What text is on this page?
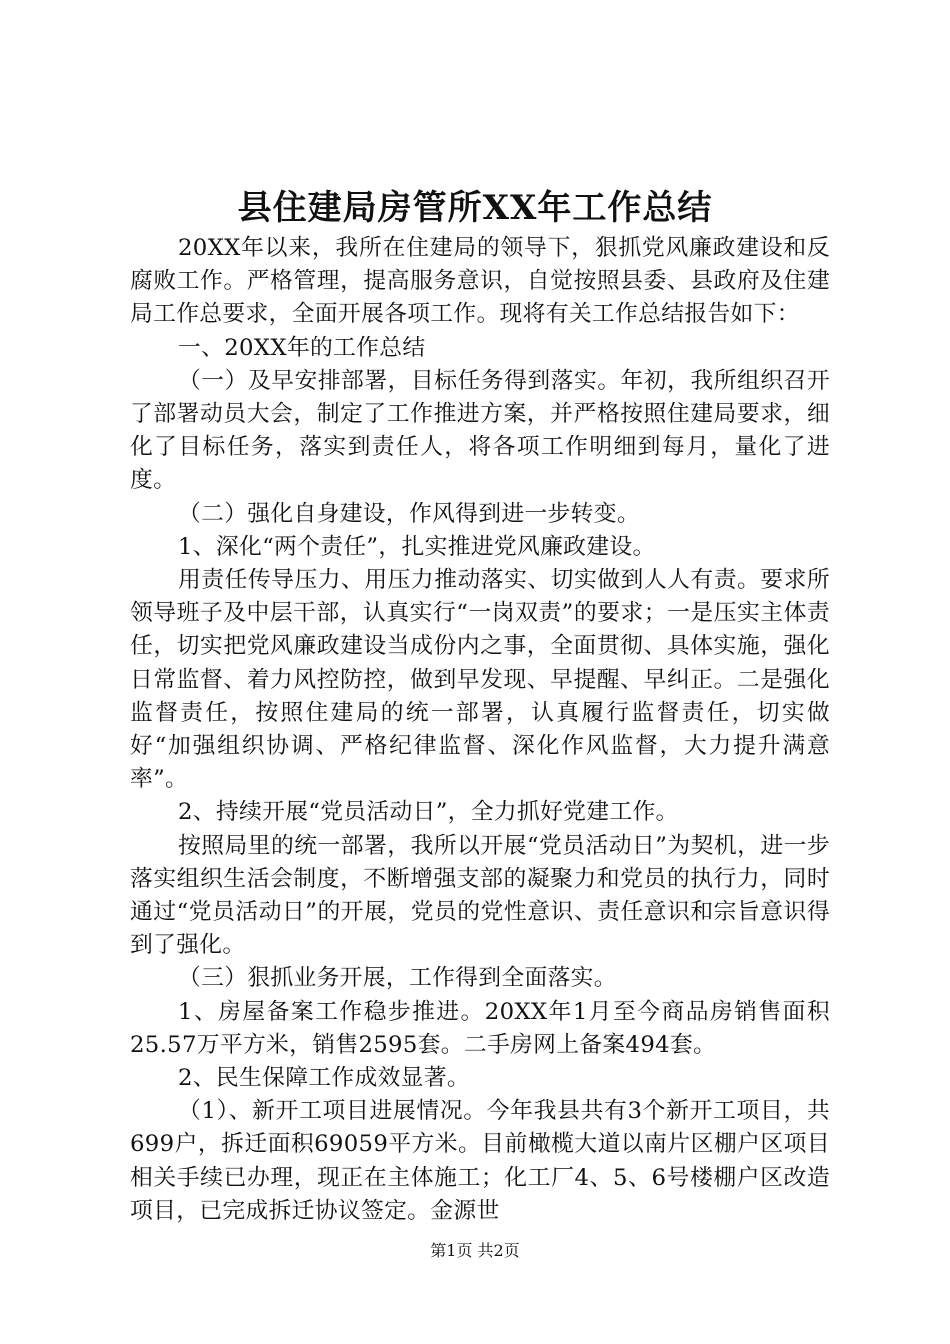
县住建局房管所XX年工作总结

20XX年以来，我所在住建局的领导下，狠抓党风廉政建设和反腐败工作。严格管理，提高服务意识，自觉按照县委、县政府及住建局工作总要求，全面开展各项工作。现将有关工作总结报告如下：

一、20XX年的工作总结

（一）及早安排部署，目标任务得到落实。年初，我所组织召开了部署动员大会，制定了工作推进方案，并严格按照住建局要求，细化了目标任务，落实到责任人，将各项工作明细到每月，量化了进度。

（二）强化自身建设，作风得到进一步转变。

1、深化“两个责任”，扎实推进党风廉政建设。

用责任传导压力、用压力推动落实、切实做到人人有责。要求所领导班子及中层干部，认真实行“一岗双责”的要求；一是压实主体责任，切实把党风廉政建设当成份内之事，全面贯彻、具体实施，强化日常监督、着力风控防控，做到早发现、早提醒、早纠正。二是强化监督责任，按照住建局的统一部署，认真履行监督责任，切实做好“加强组织协调、严格纪律监督、深化作风监督，大力提升满意率”。

2、持续开展“党员活动日”，全力抓好党建工作。

按照局里的统一部署，我所以开展“党员活动日”为契机，进一步落实组织生活会制度，不断增强支部的凝聚力和党员的执行力，同时通过“党员活动日”的开展，党员的党性意识、责任意识和宗旨意识得到了强化。

（三）狠抓业务开展，工作得到全面落实。

1、房屋备案工作稳步推进。20XX年1月至今商品房销售面积25.57万平方米，销售2595套。二手房网上备案494套。

2、民生保障工作成效显著。

（1）、新开工项目进展情况。今年我县共有3个新开工项目，共699户，拆迁面积69059平方米。目前橄榄大道以南片区棚户区项目相关手续已办理，现正在主体施工；化工厂4、5、6号楼棚户区改造项目，已完成拆迁协议签定。金源世

第1页 共2页
